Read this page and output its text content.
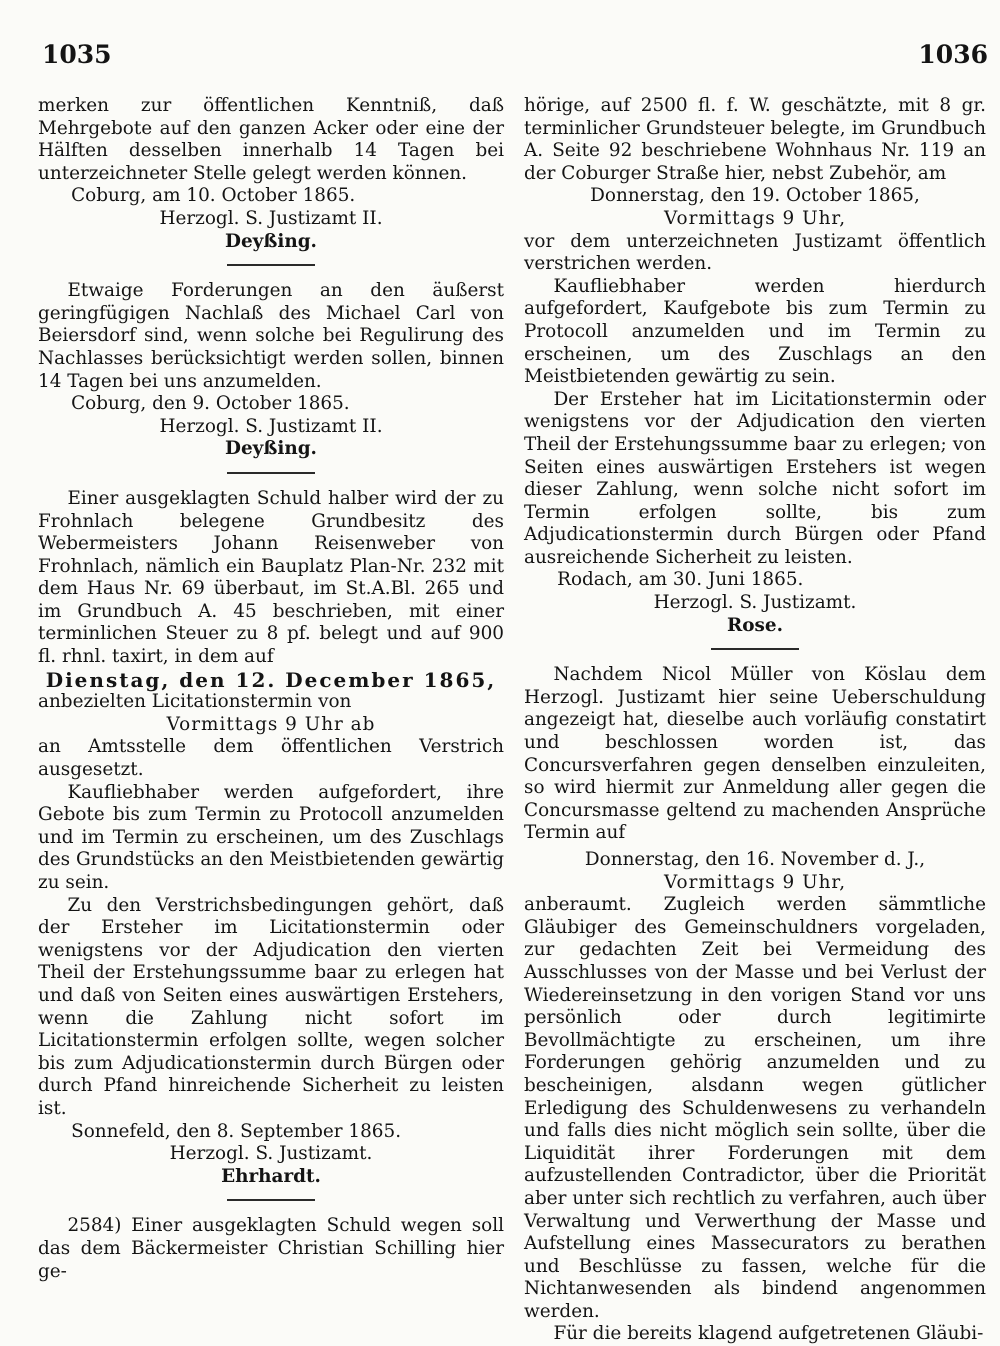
1035	1036

merken zur öffentlichen Kenntniß, daß Mehrgebote auf den ganzen Acker oder eine der Hälften desselben innerhalb 14 Tagen bei unterzeichneter Stelle gelegt werden können.

Coburg, am 10. October 1865.
Herzogl. S. Justizamt II.
Deyßing.

Etwaige Forderungen an den äußerst geringfügigen Nachlaß des Michael Carl von Beiersdorf sind, wenn solche bei Regulirung des Nachlasses berücksichtigt werden sollen, binnen 14 Tagen bei uns anzumelden.

Coburg, den 9. October 1865.
Herzogl. S. Justizamt II.
Deyßing.

Einer ausgeklagten Schuld halber wird der zu Frohnlach belegene Grundbesitz des Webermeisters Johann Reisenweber von Frohnlach, nämlich ein Bauplatz Plan-Nr. 232 mit dem Haus Nr. 69 überbaut, im St.A.Bl. 265 und im Grundbuch A. 45 beschrieben, mit einer terminlichen Steuer zu 8 pf. belegt und auf 900 fl. rhnl. taxirt, in dem auf

Dienstag, den 12. December 1865,

anbezielten Licitationstermin von

Vormittags 9 Uhr ab

an Amtsstelle dem öffentlichen Verstrich ausgesetzt.

Kaufliebhaber werden aufgefordert, ihre Gebote bis zum Termin zu Protocoll anzumelden und im Termin zu erscheinen, um des Zuschlags des Grundstücks an den Meistbietenden gewärtig zu sein.

Zu den Verstrichsbedingungen gehört, daß der Ersteher im Licitationstermin oder wenigstens vor der Adjudication den vierten Theil der Erstehungssumme baar zu erlegen hat und daß von Seiten eines auswärtigen Erstehers, wenn die Zahlung nicht sofort im Licitationstermin erfolgen sollte, wegen solcher bis zum Adjudicationstermin durch Bürgen oder durch Pfand hinreichende Sicherheit zu leisten ist.

Sonnefeld, den 8. September 1865.
Herzogl. S. Justizamt.
Ehrhardt.

2584) Einer ausgeklagten Schuld wegen soll das dem Bäckermeister Christian Schilling hier ge-

hörige, auf 2500 fl. f. W. geschätzte, mit 8 gr. terminlicher Grundsteuer belegte, im Grundbuch A. Seite 92 beschriebene Wohnhaus Nr. 119 an der Coburger Straße hier, nebst Zubehör, am

Donnerstag, den 19. October 1865,
Vormittags 9 Uhr,

vor dem unterzeichneten Justizamt öffentlich verstrichen werden.

Kaufliebhaber werden hierdurch aufgefordert, Kaufgebote bis zum Termin zu Protocoll anzumelden und im Termin zu erscheinen, um des Zuschlags an den Meistbietenden gewärtig zu sein.

Der Ersteher hat im Licitationstermin oder wenigstens vor der Adjudication den vierten Theil der Erstehungssumme baar zu erlegen; von Seiten eines auswärtigen Erstehers ist wegen dieser Zahlung, wenn solche nicht sofort im Termin erfolgen sollte, bis zum Adjudicationstermin durch Bürgen oder Pfand ausreichende Sicherheit zu leisten.

Rodach, am 30. Juni 1865.
Herzogl. S. Justizamt.
Rose.

Nachdem Nicol Müller von Köslau dem Herzogl. Justizamt hier seine Ueberschuldung angezeigt hat, dieselbe auch vorläufig constatirt und beschlossen worden ist, das Concursverfahren gegen denselben einzuleiten, so wird hiermit zur Anmeldung aller gegen die Concursmasse geltend zu machenden Ansprüche Termin auf

Donnerstag, den 16. November d. J.,
Vormittags 9 Uhr,

anberaumt. Zugleich werden sämmtliche Gläubiger des Gemeinschuldners vorgeladen, zur gedachten Zeit bei Vermeidung des Ausschlusses von der Masse und bei Verlust der Wiedereinsetzung in den vorigen Stand vor uns persönlich oder durch legitimirte Bevollmächtigte zu erscheinen, um ihre Forderungen gehörig anzumelden und zu bescheinigen, alsdann wegen gütlicher Erledigung des Schuldenwesens zu verhandeln und falls dies nicht möglich sein sollte, über die Liquidität ihrer Forderungen mit dem aufzustellenden Contradictor, über die Priorität aber unter sich rechtlich zu verfahren, auch über Verwaltung und Verwerthung der Masse und Aufstellung eines Massecurators zu berathen und Beschlüsse zu fassen, welche für die Nichtanwesenden als bindend angenommen werden.

Für die bereits klagend aufgetretenen Gläubi-
